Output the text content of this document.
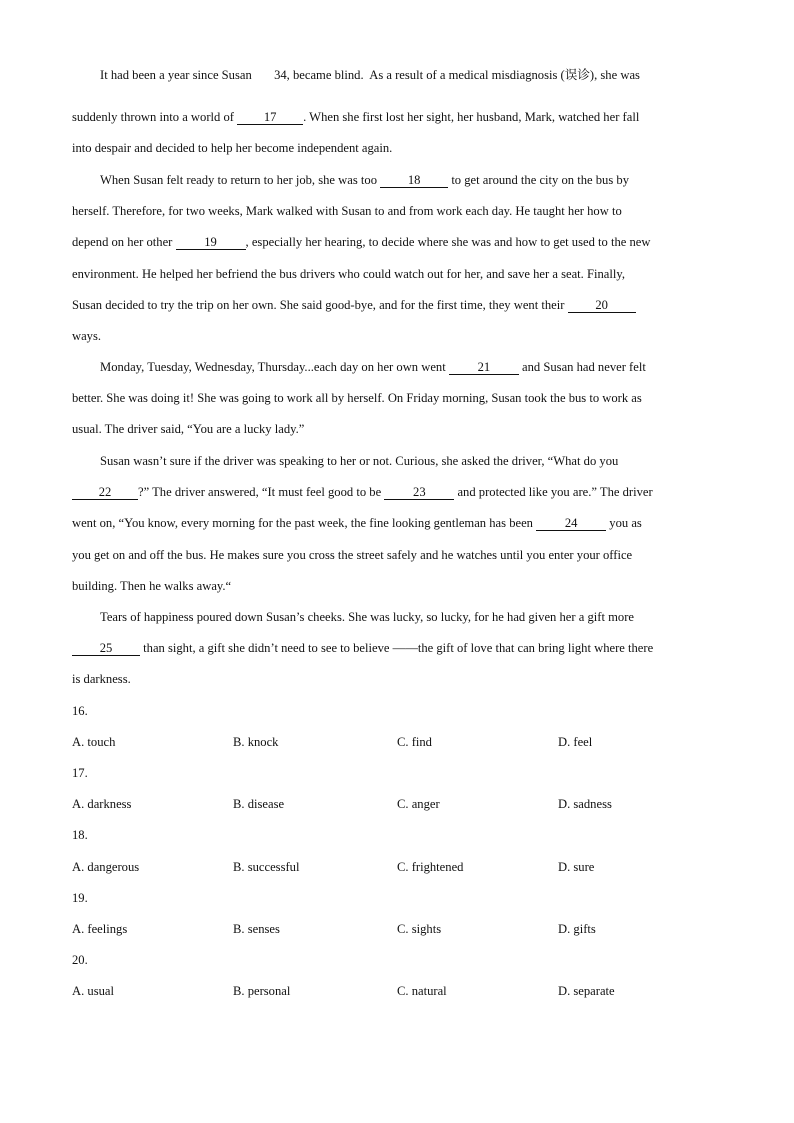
It had been a year since Susan 34, became blind. As a result of a medical misdiagnosis (误诊), she was
suddenly thrown into a world of 17 . When she first lost her sight, her husband, Mark, watched her fall
into despair and decided to help her become independent again.
When Susan felt ready to return to her job, she was too 18 to get around the city on the bus by
herself. Therefore, for two weeks, Mark walked with Susan to and from work each day. He taught her how to
depend on her other	19 , especially her hearing, to decide where she was and how to get used to the new
environment. He helped her befriend the bus drivers who could watch out for her, and save her a seat. Finally,
Susan decided to try the trip on her own. She said good-bye, and for the first time, they went their 20
ways.
Monday, Tuesday, Wednesday, Thursday...each day on her own went	21	and Susan had never felt
better. She was doing it! She was going to work all by herself. On Friday morning, Susan took the bus to work as
usual. The driver said, “You are a lucky lady.”
Susan wasn’t sure if the driver was speaking to her or not. Curious, she asked the driver, “What do you
22 ?” The driver answered, “It must feel good to be	23	and protected like you are.” The driver
went on, “You know, every morning for the past week, the fine looking gentleman has been	24	you as
you get on and off the bus. He makes sure you cross the street safely and he watches until you enter your office
building. Then he walks away.“
Tears of happiness poured down Susan’s cheeks. She was lucky, so lucky, for he had given her a gift more
25 than sight, a gift she didn’t need to see to believe ——the gift of love that can bring light where there
is darkness.
16.
A. touch	B. knock	C. find	D. feel
17.
A. darkness	B. disease	C. anger	D. sadness
18.
A. dangerous	B. successful	C. frightened	D. sure
19.
A. feelings	B. senses	C. sights	D. gifts
20.
A. usual	B. personal	C. natural	D. separate
